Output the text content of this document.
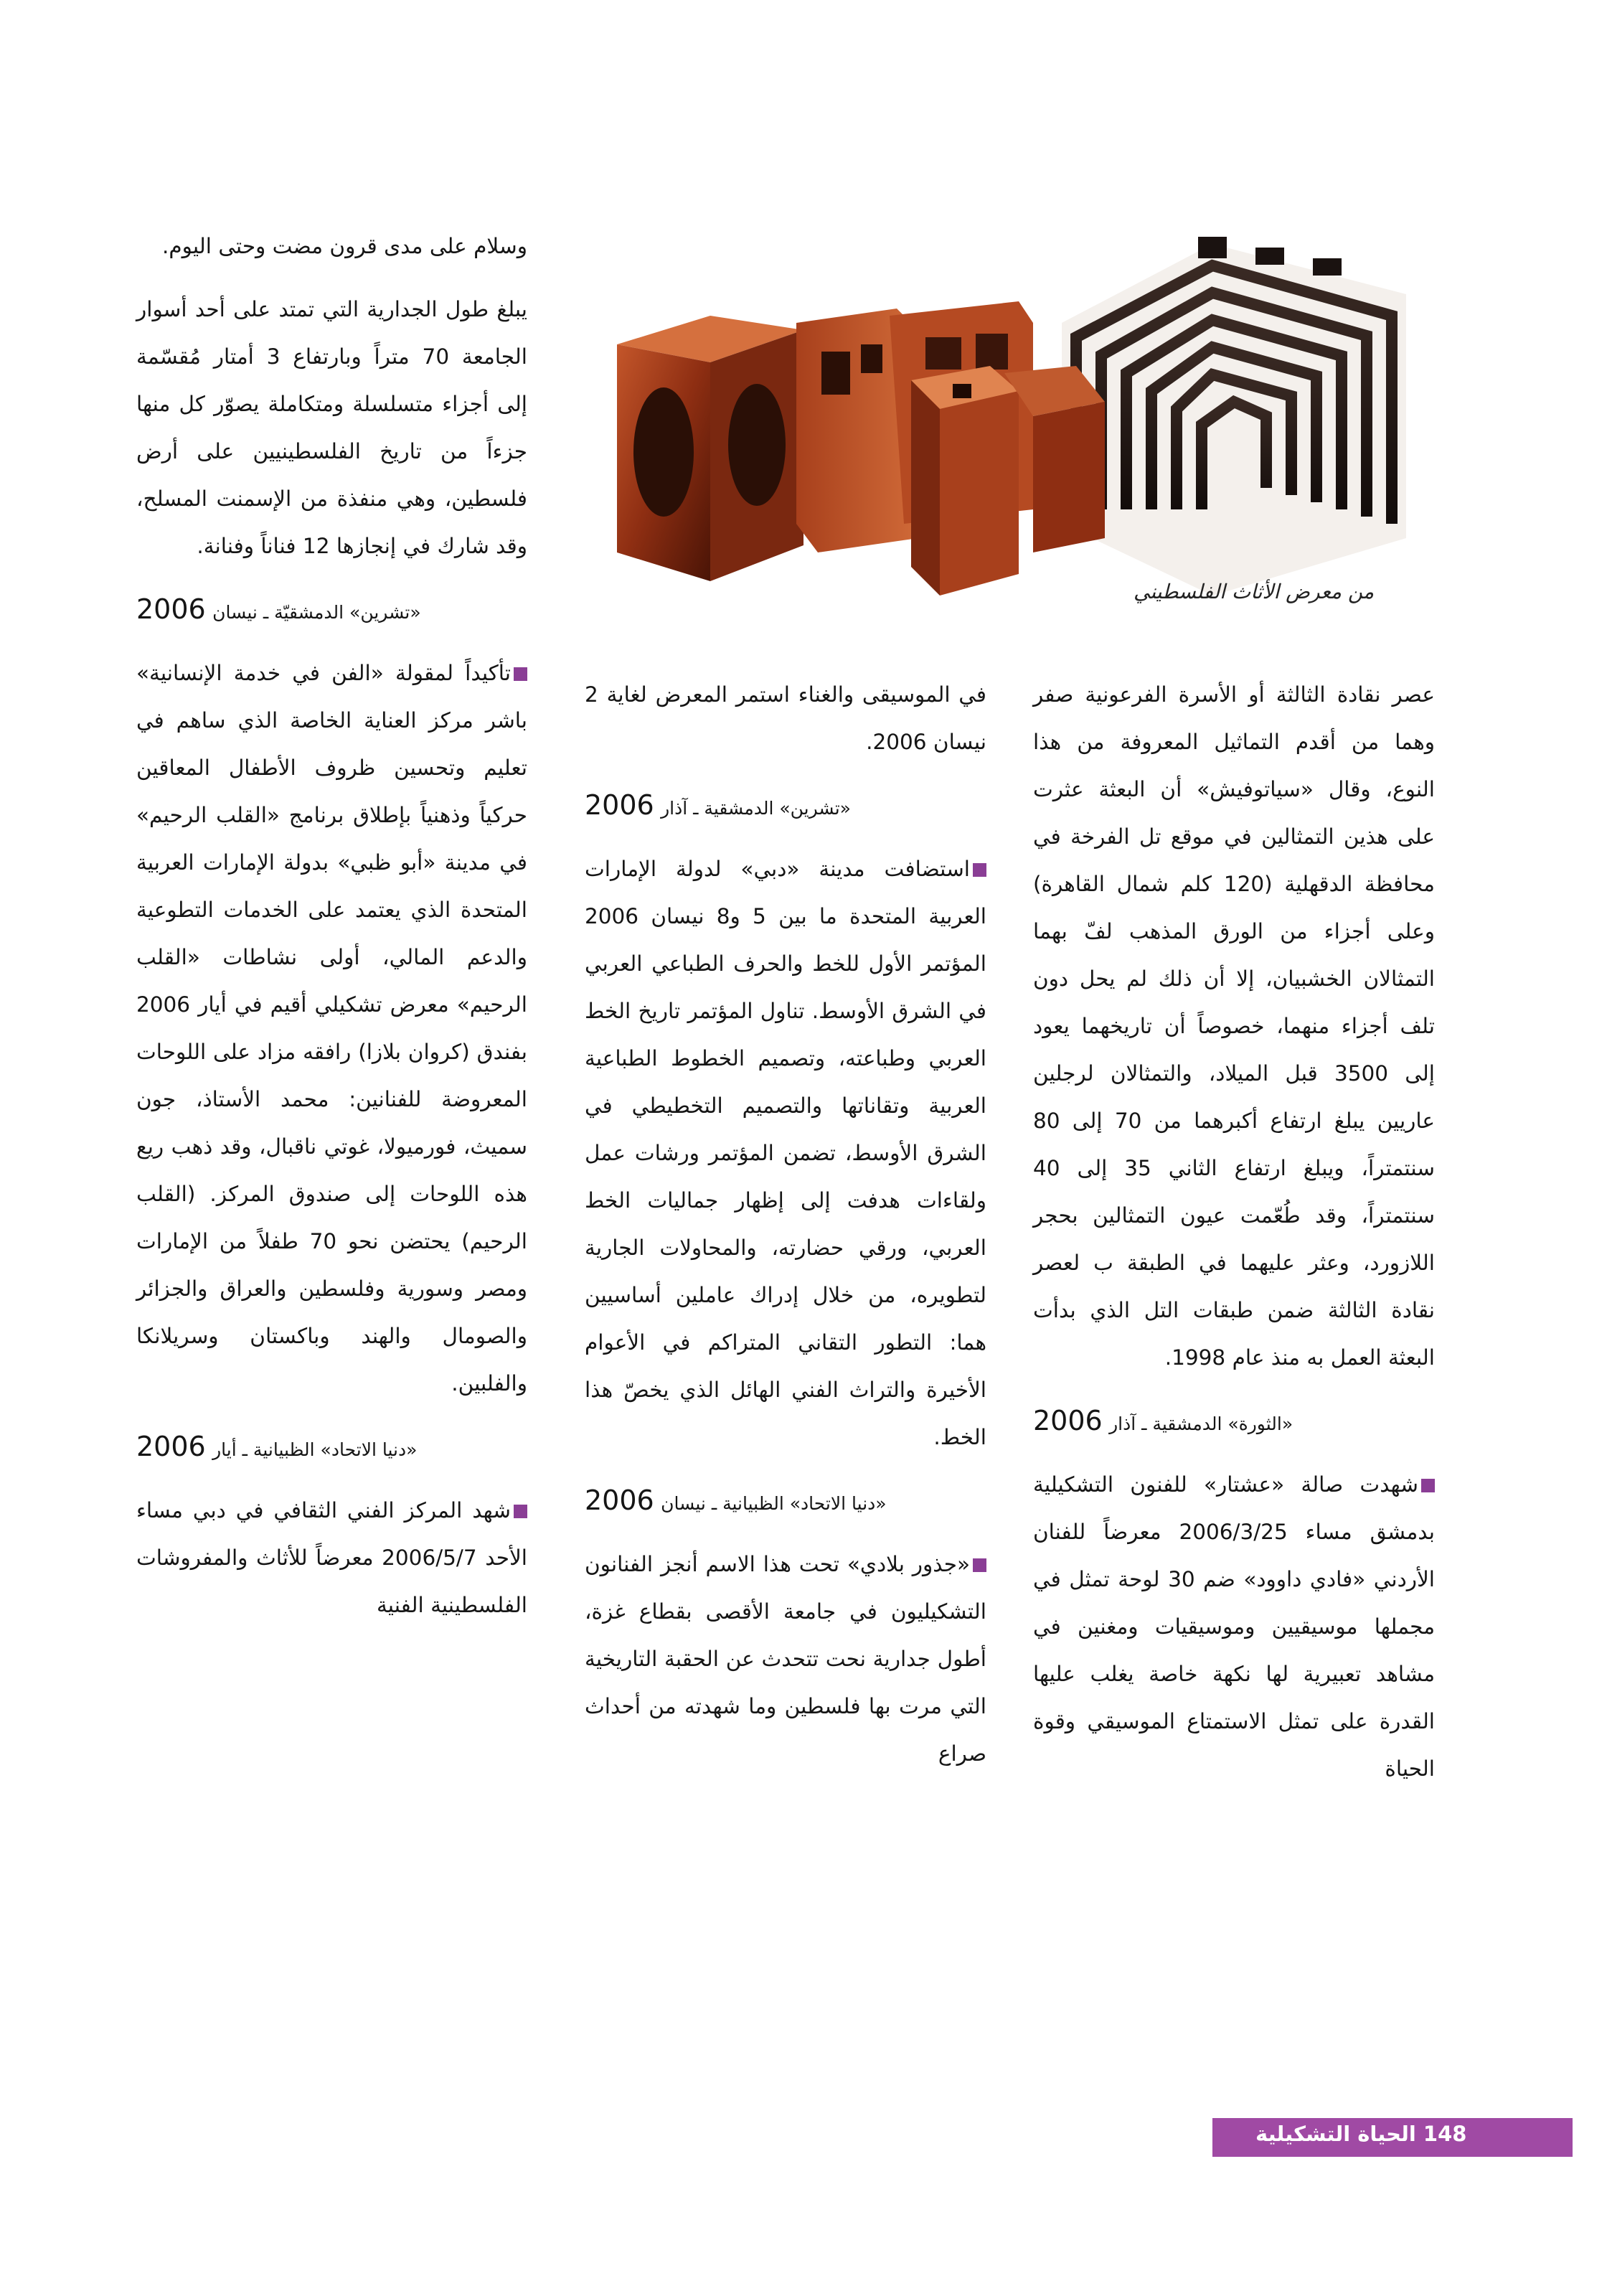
من معرض الأثاث الفلسطيني

عصر نقادة الثالثة أو الأسرة الفرعونية صفر وهما من أقدم التماثيل المعروفة من هذا النوع، وقال «سياتوفيش» أن البعثة عثرت على هذين التمثالين في موقع تل الفرخة في محافظة الدقهلية (120 كلم شمال القاهرة) وعلى أجزاء من الورق المذهب لفّ بهما التمثالان الخشبيان، إلا أن ذلك لم يحل دون تلف أجزاء منهما، خصوصاً أن تاريخهما يعود إلى 3500 قبل الميلاد، والتمثالان لرجلين عاريين يبلغ ارتفاع أكبرهما من 70 إلى 80 سنتمتراً، ويبلغ ارتفاع الثاني 35 إلى 40 سنتمتراً، وقد طُعّمت عيون التمثالين بحجر اللازورد، وعثر عليهما في الطبقة ب لعصر نقادة الثالثة ضمن طبقات التل الذي بدأت البعثة العمل به منذ عام 1998.

«الثورة» الدمشقية ـ آذار 2006

شهدت صالة «عشتار» للفنون التشكيلية بدمشق مساء 2006/3/25 معرضاً للفنان الأردني «فادي داوود» ضم 30 لوحة تمثل في مجملها موسيقيين وموسيقيات ومغنين في مشاهد تعبيرية لها نكهة خاصة يغلب عليها القدرة على تمثل الاستمتاع الموسيقي وقوة الحياة

في الموسيقى والغناء استمر المعرض لغاية 2 نيسان 2006.

«تشرين» الدمشقية ـ آذار 2006

استضافت مدينة «دبي» لدولة الإمارات العربية المتحدة ما بين 5 و8 نيسان 2006 المؤتمر الأول للخط والحرف الطباعي العربي في الشرق الأوسط. تناول المؤتمر تاريخ الخط العربي وطباعته، وتصميم الخطوط الطباعية العربية وتقاناتها والتصميم التخطيطي في الشرق الأوسط، تضمن المؤتمر ورشات عمل ولقاءات هدفت إلى إظهار جماليات الخط العربي، ورقي حضارته، والمحاولات الجارية لتطويره، من خلال إدراك عاملين أساسيين هما: التطور التقاني المتراكم في الأعوام الأخيرة والتراث الفني الهائل الذي يخصّ هذا الخط.

«دنيا الاتحاد» الظبيانية ـ نيسان 2006

«جذور بلادي» تحت هذا الاسم أنجز الفنانون التشكيليون في جامعة الأقصى بقطاع غزة، أطول جدارية نحت تتحدث عن الحقبة التاريخية التي مرت بها فلسطين وما شهدته من أحداث صراع

وسلام على مدى قرون مضت وحتى اليوم.

يبلغ طول الجدارية التي تمتد على أحد أسوار الجامعة 70 متراً وبارتفاع 3 أمتار مُقسّمة إلى أجزاء متسلسلة ومتكاملة يصوّر كل منها جزءاً من تاريخ الفلسطينيين على أرض فلسطين، وهي منفذة من الإسمنت المسلح، وقد شارك في إنجازها 12 فناناً وفنانة.

«تشرين» الدمشقيّة ـ نيسان 2006

تأكيداً لمقولة «الفن في خدمة الإنسانية» باشر مركز العناية الخاصة الذي ساهم في تعليم وتحسين ظروف الأطفال المعاقين حركياً وذهنياً بإطلاق برنامج «القلب الرحيم» في مدينة «أبو ظبي» بدولة الإمارات العربية المتحدة الذي يعتمد على الخدمات التطوعية والدعم المالي، أولى نشاطات «القلب الرحيم» معرض تشكيلي أقيم في أيار 2006 بفندق (كروان بلازا) رافقه مزاد على اللوحات المعروضة للفنانين: محمد الأستاذ، جون سميث، فورميولا، غوتي ناقبال، وقد ذهب ريع هذه اللوحات إلى صندوق المركز. (القلب الرحيم) يحتضن نحو 70 طفلاً من الإمارات ومصر وسورية وفلسطين والعراق والجزائر والصومال والهند وباكستان وسريلانكا والفلبين.

«دنيا الاتحاد» الظبيانية ـ أيار 2006

شهد المركز الفني الثقافي في دبي مساء الأحد 2006/5/7 معرضاً للأثاث والمفروشات الفلسطينية الفنية

148 الحياة التشكيلية
